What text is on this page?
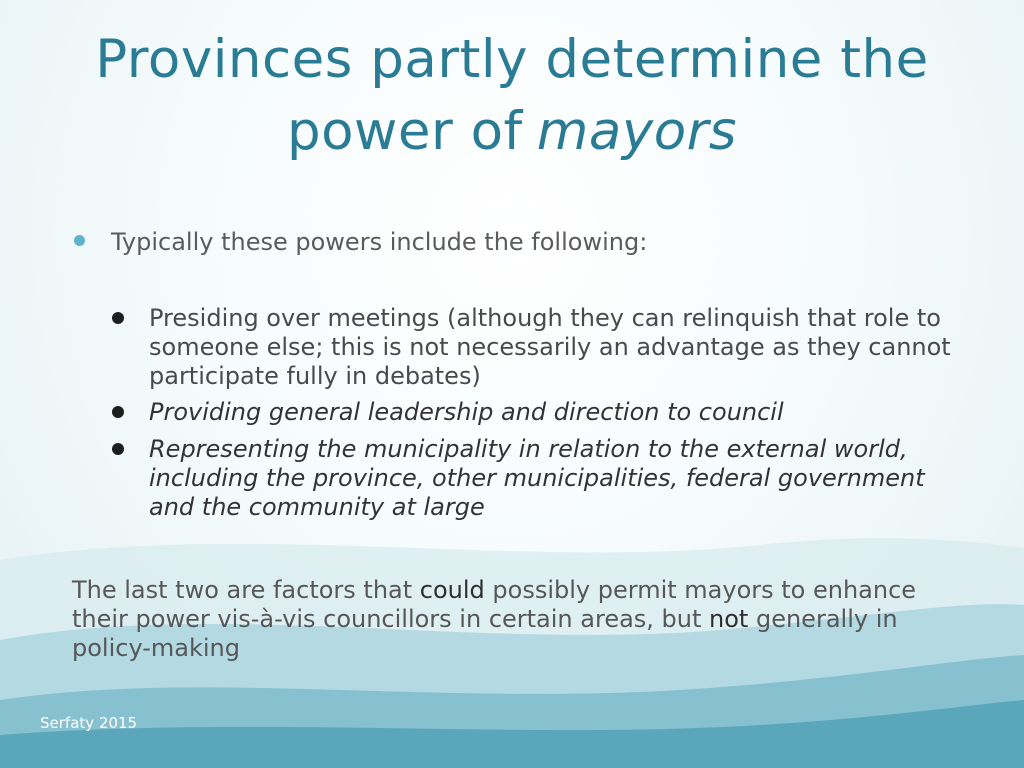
Provinces partly determine the
power of mayors
Typically these powers include the following:
Presiding over meetings (although they can relinquish that role to someone else; this is not necessarily an advantage as they cannot participate fully in debates)
Providing general leadership and direction to council
Representing the municipality in relation to the external world, including the province, other municipalities, federal government and the community at large

The last two are factors that could possibly permit mayors to enhance their power vis-à-vis councillors in certain areas, but not generally in policy-making

Serfaty 2015
